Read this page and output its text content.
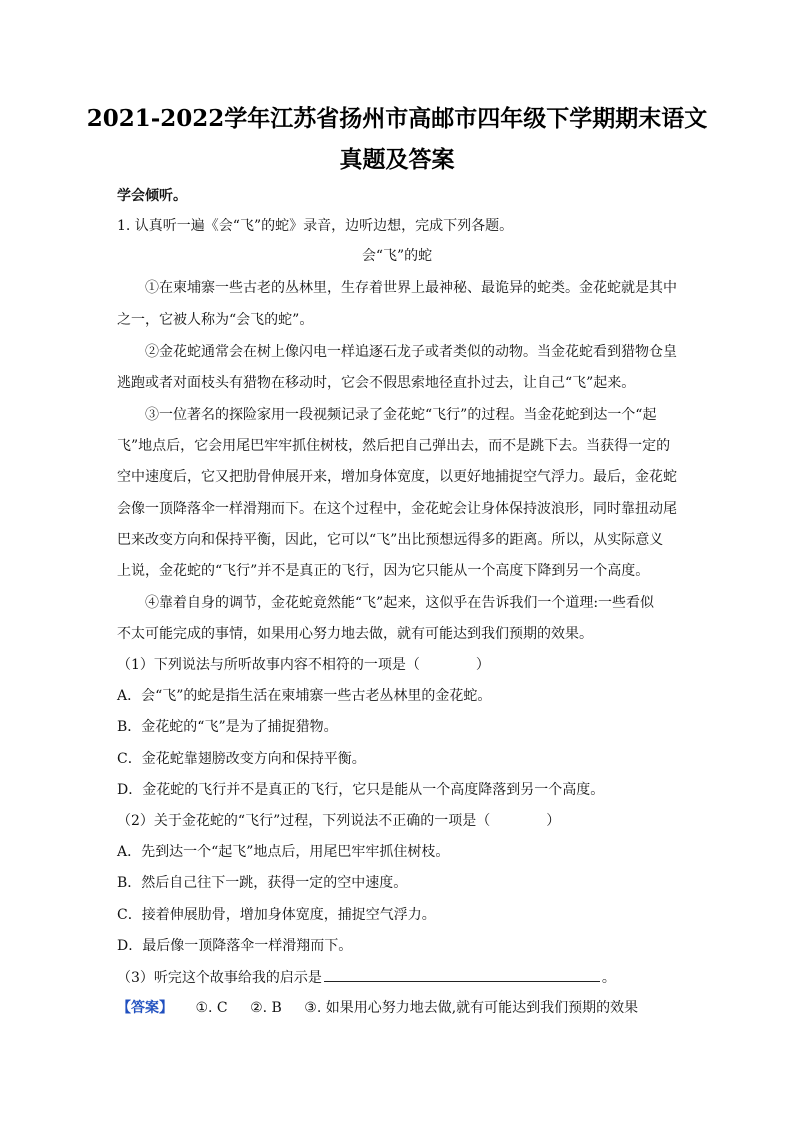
2021-2022学年江苏省扬州市高邮市四年级下学期期末语文
真题及答案
学会倾听。
1. 认真听一遍《会“飞”的蛇》录音，边听边想，完成下列各题。
会“飞”的蛇
①在柬埔寨一些古老的丛林里，生存着世界上最神秘、最诡异的蛇类。金花蛇就是其中
之一，它被人称为“会飞的蛇”。
②金花蛇通常会在树上像闪电一样追逐石龙子或者类似的动物。当金花蛇看到猎物仓皇
逃跑或者对面枝头有猎物在移动时，它会不假思索地径直扑过去，让自己“飞”起来。
③一位著名的探险家用一段视频记录了金花蛇“飞行”的过程。当金花蛇到达一个“起
飞”地点后，它会用尾巴牢牢抓住树枝，然后把自己弹出去，而不是跳下去。当获得一定的
空中速度后，它又把肋骨伸展开来，增加身体宽度，以更好地捕捉空气浮力。最后，金花蛇
会像一顶降落伞一样滑翔而下。在这个过程中，金花蛇会让身体保持波浪形，同时靠扭动尾
巴来改变方向和保持平衡，因此，它可以“飞”出比预想远得多的距离。所以，从实际意义
上说，金花蛇的“飞行”并不是真正的飞行，因为它只能从一个高度下降到另一个高度。
④靠着自身的调节，金花蛇竟然能“飞”起来，这似乎在告诉我们一个道理:一些看似
不太可能完成的事情，如果用心努力地去做，就有可能达到我们预期的效果。
（1）下列说法与所听故事内容不相符的一项是（　　　　）
A．会“飞”的蛇是指生活在柬埔寨一些古老丛林里的金花蛇。
B．金花蛇的“飞”是为了捕捉猎物。
C．金花蛇靠翅膀改变方向和保持平衡。
D．金花蛇的飞行并不是真正的飞行，它只是能从一个高度降落到另一个高度。
（2）关于金花蛇的“飞行”过程，下列说法不正确的一项是（　　　　）
A．先到达一个“起飞”地点后，用尾巴牢牢抓住树枝。
B．然后自己往下一跳，获得一定的空中速度。
C．接着伸展肋骨，增加身体宽度，捕捉空气浮力。
D．最后像一顶降落伞一样滑翔而下。
（3）听完这个故事给我的启示是	。
【答案】 ①. C ②. B ③. 如果用心努力地去做,就有可能达到我们预期的效果
